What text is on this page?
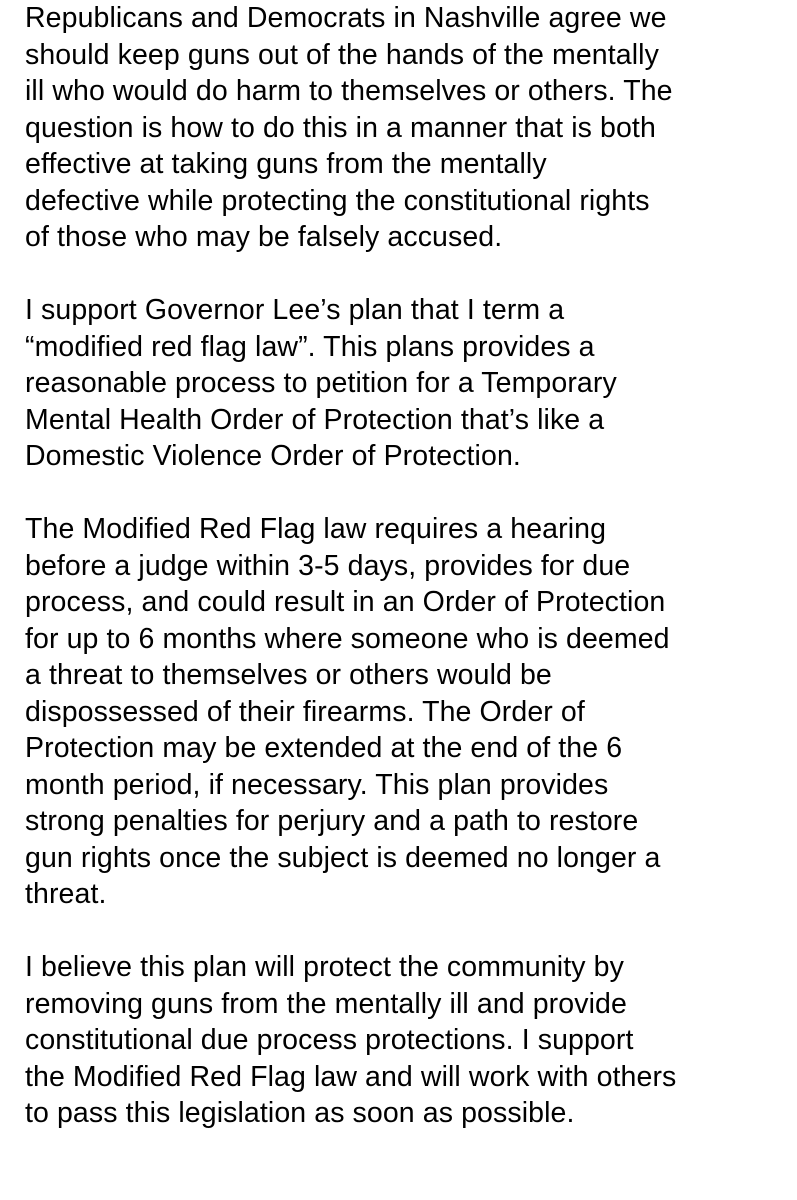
Republicans and Democrats in Nashville agree we
should keep guns out of the hands of the mentally
ill who would do harm to themselves or others. The
question is how to do this in a manner that is both
effective at taking guns from the mentally
defective while protecting the constitutional rights
of those who may be falsely accused.

I support Governor Lee’s plan that I term a
“modified red flag law”. This plans provides a
reasonable process to petition for a Temporary
Mental Health Order of Protection that’s like a
Domestic Violence Order of Protection.

The Modified Red Flag law requires a hearing
before a judge within 3-5 days, provides for due
process, and could result in an Order of Protection
for up to 6 months where someone who is deemed
a threat to themselves or others would be
dispossessed of their firearms. The Order of
Protection may be extended at the end of the 6
month period, if necessary. This plan provides
strong penalties for perjury and a path to restore
gun rights once the subject is deemed no longer a
threat.

I believe this plan will protect the community by
removing guns from the mentally ill and provide
constitutional due process protections. I support
the Modified Red Flag law and will work with others
to pass this legislation as soon as possible.
